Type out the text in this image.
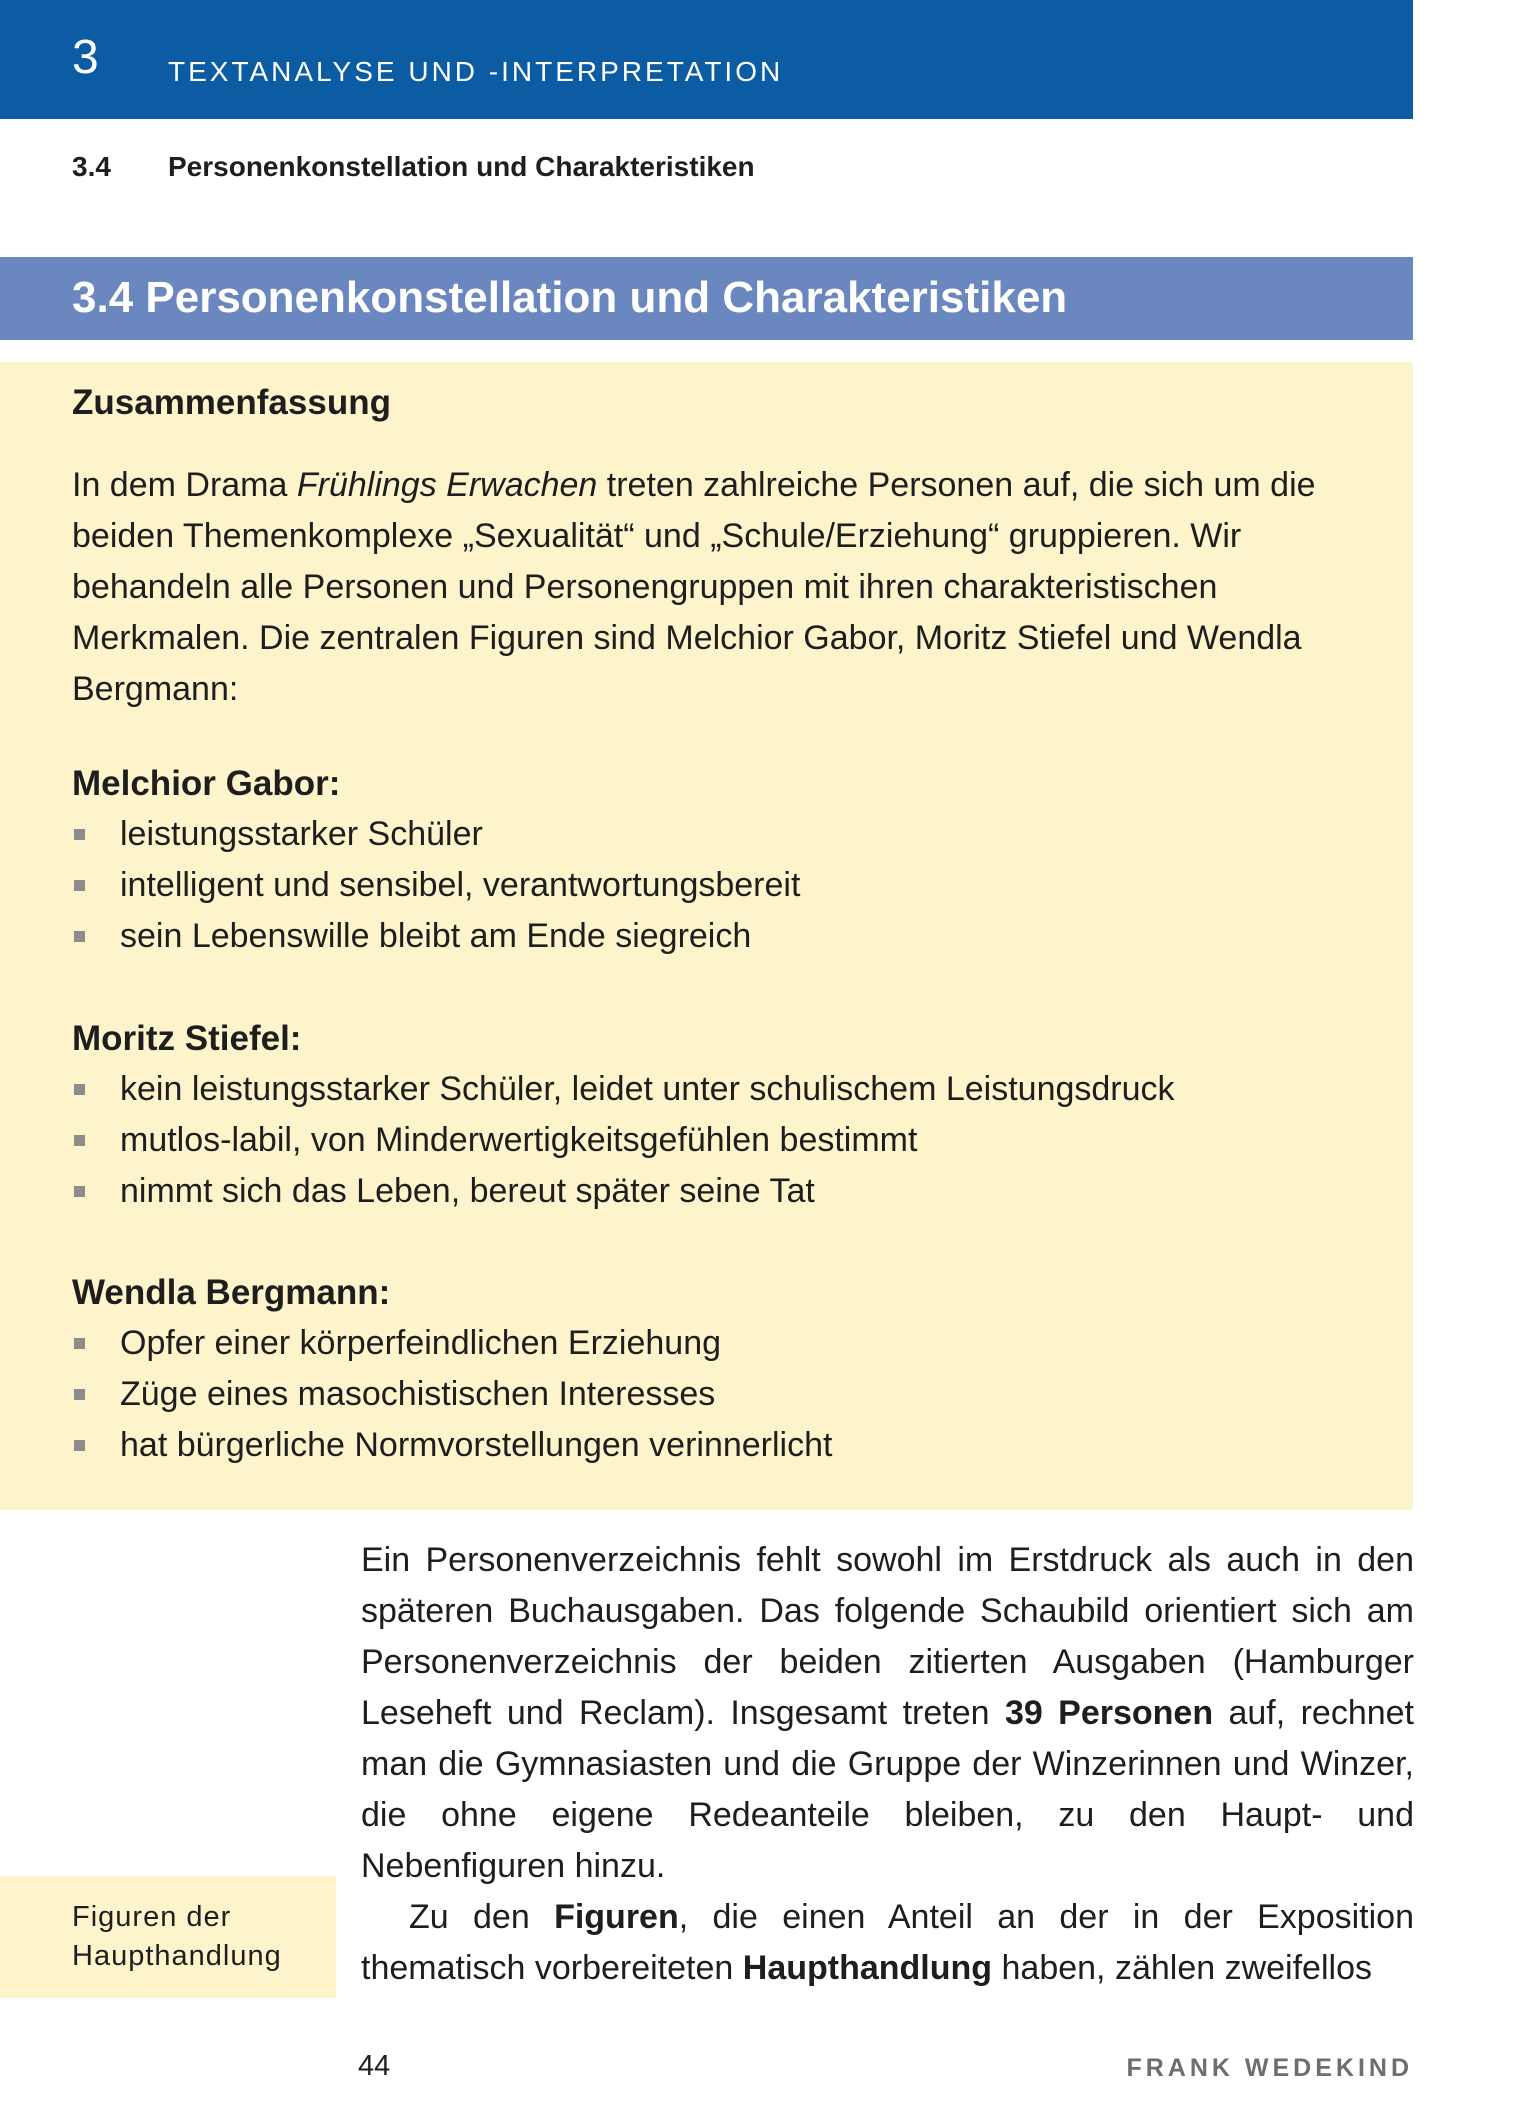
3 TEXTANALYSE UND -INTERPRETATION
3.4 Personenkonstellation und Charakteristiken
3.4 Personenkonstellation und Charakteristiken
Zusammenfassung

In dem Drama Frühlings Erwachen treten zahlreiche Personen auf, die sich um die beiden Themenkomplexe „Sexualität“ und „Schule/Erziehung“ gruppieren. Wir behandeln alle Personen und Personengruppen mit ihren charakteristischen Merkmalen. Die zentralen Figuren sind Melchior Gabor, Moritz Stiefel und Wendla Bergmann:

Melchior Gabor:
leistungsstarker Schüler
intelligent und sensibel, verantwortungsbereit
sein Lebenswille bleibt am Ende siegreich
Moritz Stiefel:
kein leistungsstarker Schüler, leidet unter schulischem Leistungsdruck
mutlos-labil, von Minderwertigkeitsgefühlen bestimmt
nimmt sich das Leben, bereut später seine Tat
Wendla Bergmann:
Opfer einer körperfeindlichen Erziehung
Züge eines masochistischen Interesses
hat bürgerliche Normvorstellungen verinnerlicht

Ein Personenverzeichnis fehlt sowohl im Erstdruck als auch in den späteren Buchausgaben. Das folgende Schaubild orientiert sich am Personenverzeichnis der beiden zitierten Ausgaben (Hamburger Leseheft und Reclam). Insgesamt treten 39 Personen auf, rechnet man die Gymnasiasten und die Gruppe der Winzerinnen und Winzer, die ohne eigene Redeanteile bleiben, zu den Haupt- und Nebenfiguren hinzu.

Zu den Figuren, die einen Anteil an der in der Exposition thematisch vorbereiteten Haupthandlung haben, zählen zweifellos

Figuren der
Haupthandlung
44	FRANK WEDEKIND
